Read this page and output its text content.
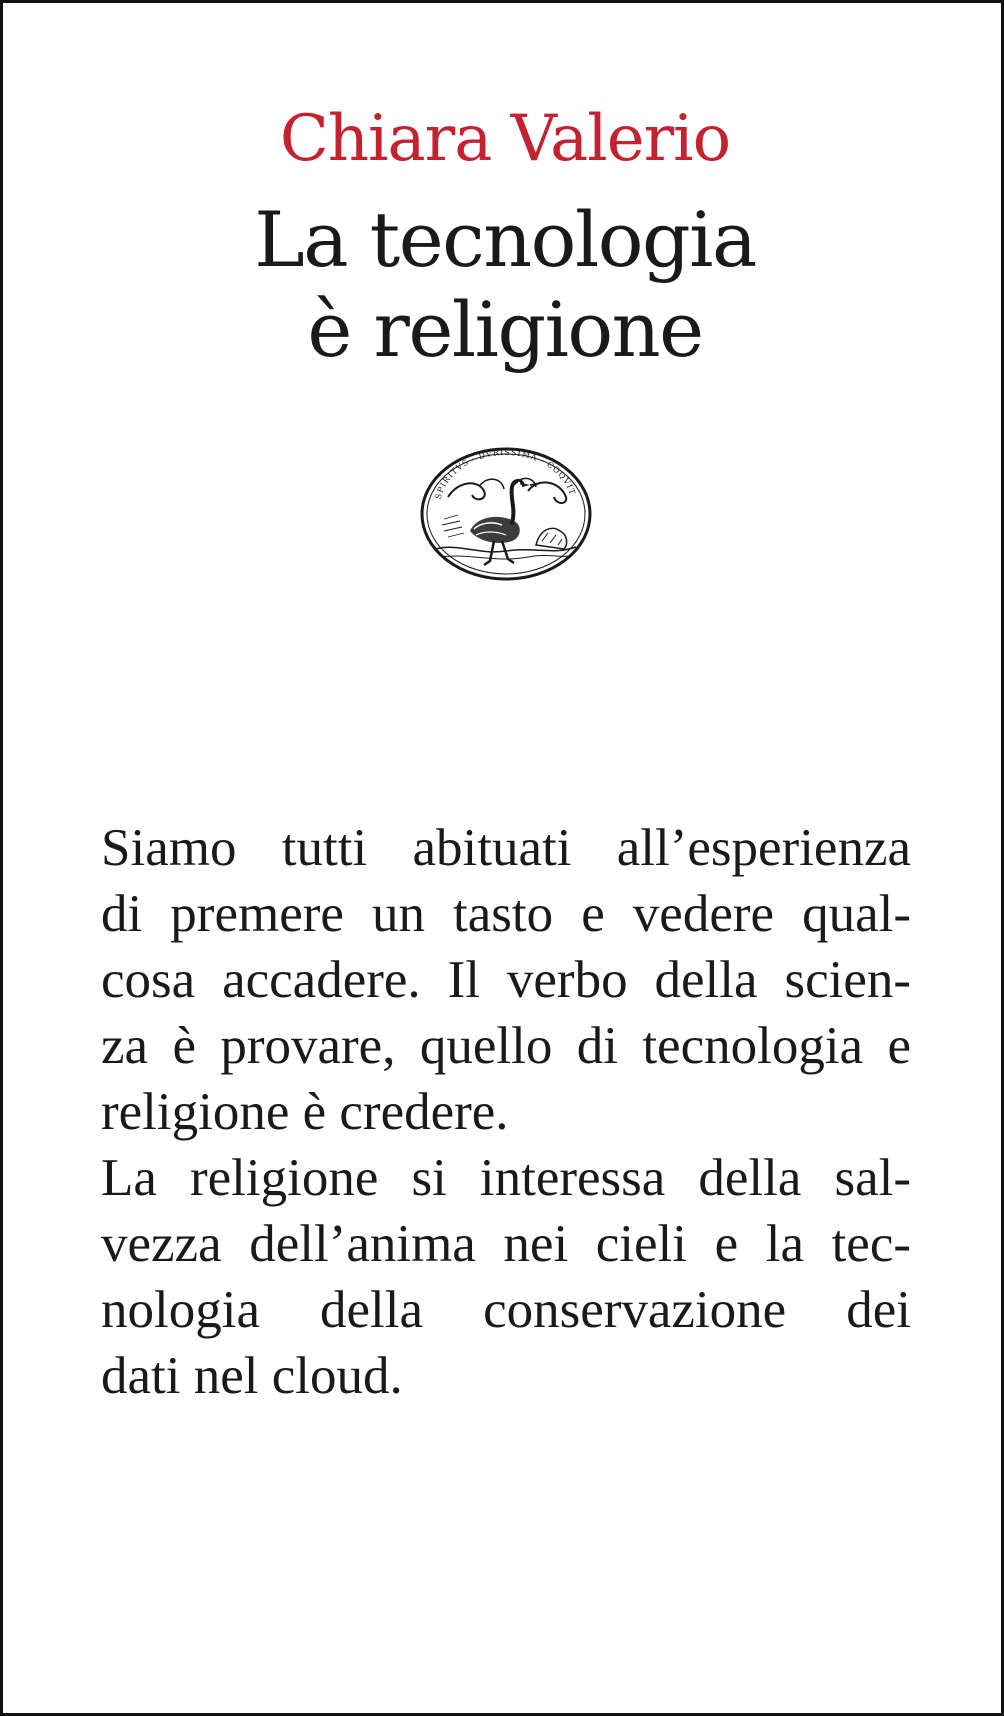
Chiara Valerio
La tecnologia
è religione
SPIRITVS · DVRISSIMA · COQVIT
Siamo tutti abituati all’esperienza
di premere un tasto e vedere qual-
cosa accadere. Il verbo della scien-
za è provare, quello di tecnologia e
religione è credere.
La religione si interessa della sal-
vezza dell’anima nei cieli e la tec-
nologia della conservazione dei
dati nel cloud.
